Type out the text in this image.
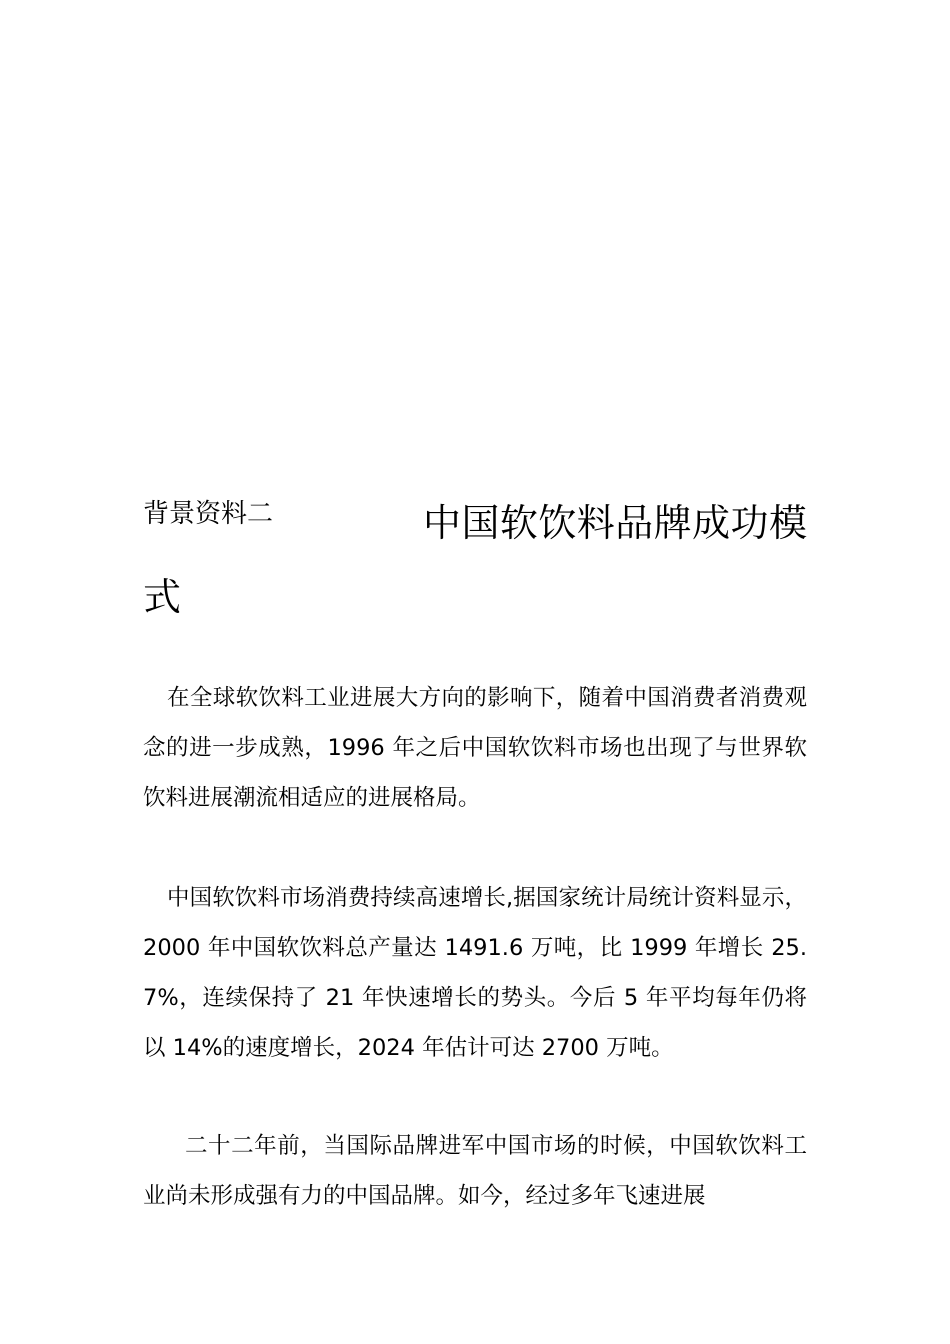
背景资料二	中国软饮料品牌成功模式

在全球软饮料工业进展大方向的影响下，随着中国消费者消费观念的进一步成熟，1996 年之后中国软饮料市场也出现了与世界软饮料进展潮流相适应的进展格局。

中国软饮料市场消费持续高速增长,据国家统计局统计资料显示，2000 年中国软饮料总产量达 1491.6 万吨，比 1999 年增长 25.7%，连续保持了 21 年快速增长的势头。今后 5 年平均每年仍将以 14%的速度增长，2024 年估计可达 2700 万吨。

二十二年前，当国际品牌进军中国市场的时候，中国软饮料工业尚未形成强有力的中国品牌。如今，经过多年飞速进展
